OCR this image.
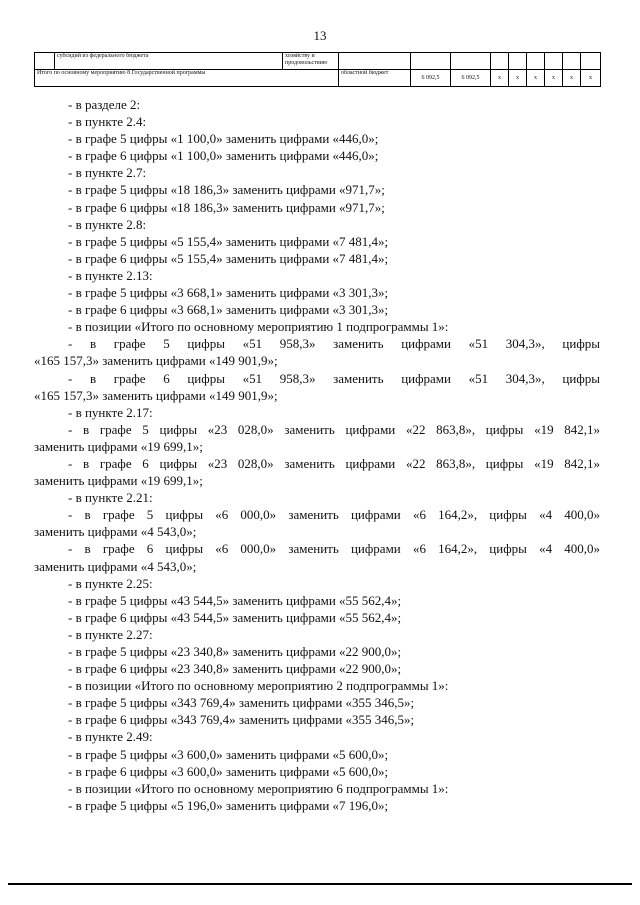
13
	субсидий из федерального бюджета	хозяйству и продовольствию									
Итого по основному мероприятию 8 Государственной программы			областной бюджет	6 092,5	6 092,5	х	х	х	х	х	х
- в разделе 2:
- в пункте 2.4:
- в графе 5 цифры «1 100,0» заменить цифрами «446,0»;
- в графе 6 цифры «1 100,0» заменить цифрами «446,0»;
- в пункте 2.7:
- в графе 5 цифры «18 186,3» заменить цифрами «971,7»;
- в графе 6 цифры «18 186,3» заменить цифрами «971,7»;
- в пункте 2.8:
- в графе 5 цифры «5 155,4» заменить цифрами «7 481,4»;
- в графе 6 цифры «5 155,4» заменить цифрами «7 481,4»;
- в пункте 2.13:
- в графе 5 цифры «3 668,1» заменить цифрами «3 301,3»;
- в графе 6 цифры «3 668,1» заменить цифрами «3 301,3»;
- в позиции «Итого по основному мероприятию 1 подпрограммы 1»:
- в графе 5 цифры «51 958,3» заменить цифрами «51 304,3», цифры
«165 157,3» заменить цифрами «149 901,9»;
- в графе 6 цифры «51 958,3» заменить цифрами «51 304,3», цифры
«165 157,3» заменить цифрами «149 901,9»;
- в пункте 2.17:
- в графе 5 цифры «23 028,0» заменить цифрами «22 863,8», цифры «19 842,1»
заменить цифрами «19 699,1»;
- в графе 6 цифры «23 028,0» заменить цифрами «22 863,8», цифры «19 842,1»
заменить цифрами «19 699,1»;
- в пункте 2.21:
- в графе 5 цифры «6 000,0» заменить цифрами «6 164,2», цифры «4 400,0»
заменить цифрами «4 543,0»;
- в графе 6 цифры «6 000,0» заменить цифрами «6 164,2», цифры «4 400,0»
заменить цифрами «4 543,0»;
- в пункте 2.25:
- в графе 5 цифры «43 544,5» заменить цифрами «55 562,4»;
- в графе 6 цифры «43 544,5» заменить цифрами «55 562,4»;
- в пункте 2.27:
- в графе 5 цифры «23 340,8» заменить цифрами «22 900,0»;
- в графе 6 цифры «23 340,8» заменить цифрами «22 900,0»;
- в позиции «Итого по основному мероприятию 2 подпрограммы 1»:
- в графе 5 цифры «343 769,4» заменить цифрами «355 346,5»;
- в графе 6 цифры «343 769,4» заменить цифрами «355 346,5»;
- в пункте 2.49:
- в графе 5 цифры «3 600,0» заменить цифрами «5 600,0»;
- в графе 6 цифры «3 600,0» заменить цифрами «5 600,0»;
- в позиции «Итого по основному мероприятию 6 подпрограммы 1»:
- в графе 5 цифры «5 196,0» заменить цифрами «7 196,0»;
